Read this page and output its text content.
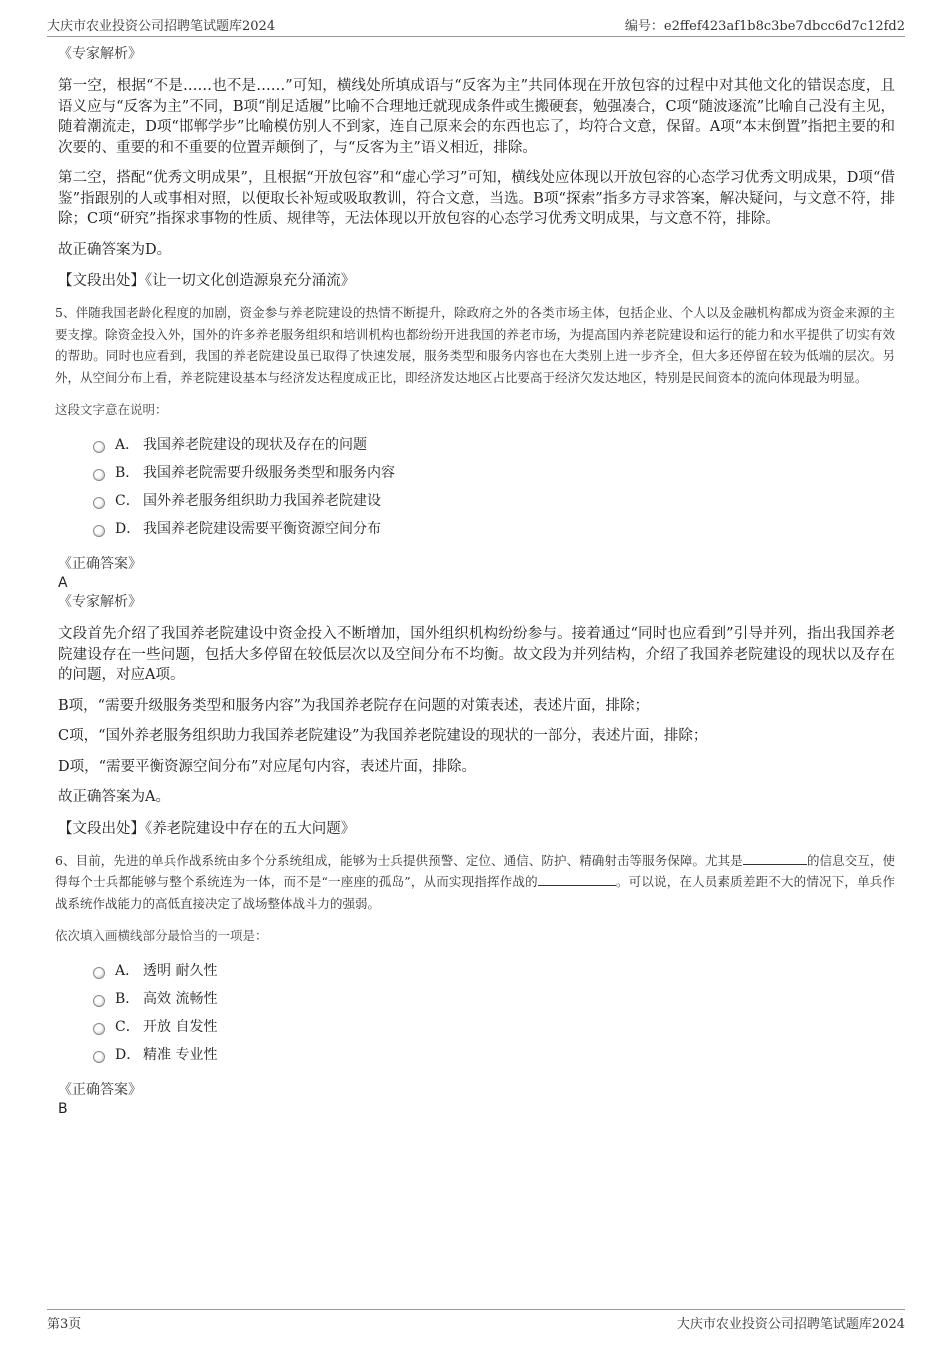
大庆市农业投资公司招聘笔试题库2024	编号：e2ffef423af1b8c3be7dbcc6d7c12fd2
《专家解析》

第一空，根据“不是……也不是……”可知，横线处所填成语与“反客为主”共同体现在开放包容的过程中对其他文化的错误态度，且语义应与“反客为主”不同，B项“削足适履”比喻不合理地迁就现成条件或生搬硬套，勉强凑合，C项“随波逐流”比喻自己没有主见，随着潮流走，D项“邯郸学步”比喻模仿别人不到家，连自己原来会的东西也忘了，均符合文意，保留。A项“本末倒置”指把主要的和次要的、重要的和不重要的位置弄颠倒了，与“反客为主”语义相近，排除。

第二空，搭配“优秀文明成果”，且根据“开放包容”和“虚心学习”可知，横线处应体现以开放包容的心态学习优秀文明成果，D项“借鉴”指跟别的人或事相对照，以便取长补短或吸取教训，符合文意，当选。B项“探索”指多方寻求答案，解决疑问，与文意不符，排除；C项“研究”指探求事物的性质、规律等，无法体现以开放包容的心态学习优秀文明成果，与文意不符，排除。

故正确答案为D。

【文段出处】《让一切文化创造源泉充分涌流》

5、伴随我国老龄化程度的加剧，资金参与养老院建设的热情不断提升，除政府之外的各类市场主体，包括企业、个人以及金融机构都成为资金来源的主要支撑。除资金投入外，国外的许多养老服务组织和培训机构也都纷纷开进我国的养老市场，为提高国内养老院建设和运行的能力和水平提供了切实有效的帮助。同时也应看到，我国的养老院建设虽已取得了快速发展，服务类型和服务内容也在大类别上进一步齐全，但大多还停留在较为低端的层次。另外，从空间分布上看，养老院建设基本与经济发达程度成正比，即经济发达地区占比要高于经济欠发达地区，特别是民间资本的流向体现最为明显。

这段文字意在说明：
A． 我国养老院建设的现状及存在的问题
B． 我国养老院需要升级服务类型和服务内容
C． 国外养老服务组织助力我国养老院建设
D． 我国养老院建设需要平衡资源空间分布
《正确答案》
A
《专家解析》

文段首先介绍了我国养老院建设中资金投入不断增加，国外组织机构纷纷参与。接着通过“同时也应看到”引导并列，指出我国养老院建设存在一些问题，包括大多停留在较低层次以及空间分布不均衡。故文段为并列结构，介绍了我国养老院建设的现状以及存在的问题，对应A项。

B项，“需要升级服务类型和服务内容”为我国养老院存在问题的对策表述，表述片面，排除；

C项，“国外养老服务组织助力我国养老院建设”为我国养老院建设的现状的一部分，表述片面，排除；

D项，“需要平衡资源空间分布”对应尾句内容，表述片面，排除。

故正确答案为A。

【文段出处】《养老院建设中存在的五大问题》

6、目前，先进的单兵作战系统由多个分系统组成，能够为士兵提供预警、定位、通信、防护、精确射击等服务保障。尤其是	的信息交互，使得每个士兵都能够与整个系统连为一体，而不是“一座座的孤岛”，从而实现指挥作战的	。可以说，在人员素质差距不大的情况下，单兵作战系统作战能力的高低直接决定了战场整体战斗力的强弱。

依次填入画横线部分最恰当的一项是：
A． 透明 耐久性
B． 高效 流畅性
C． 开放 自发性
D． 精准 专业性
《正确答案》
B
第3页	大庆市农业投资公司招聘笔试题库2024
